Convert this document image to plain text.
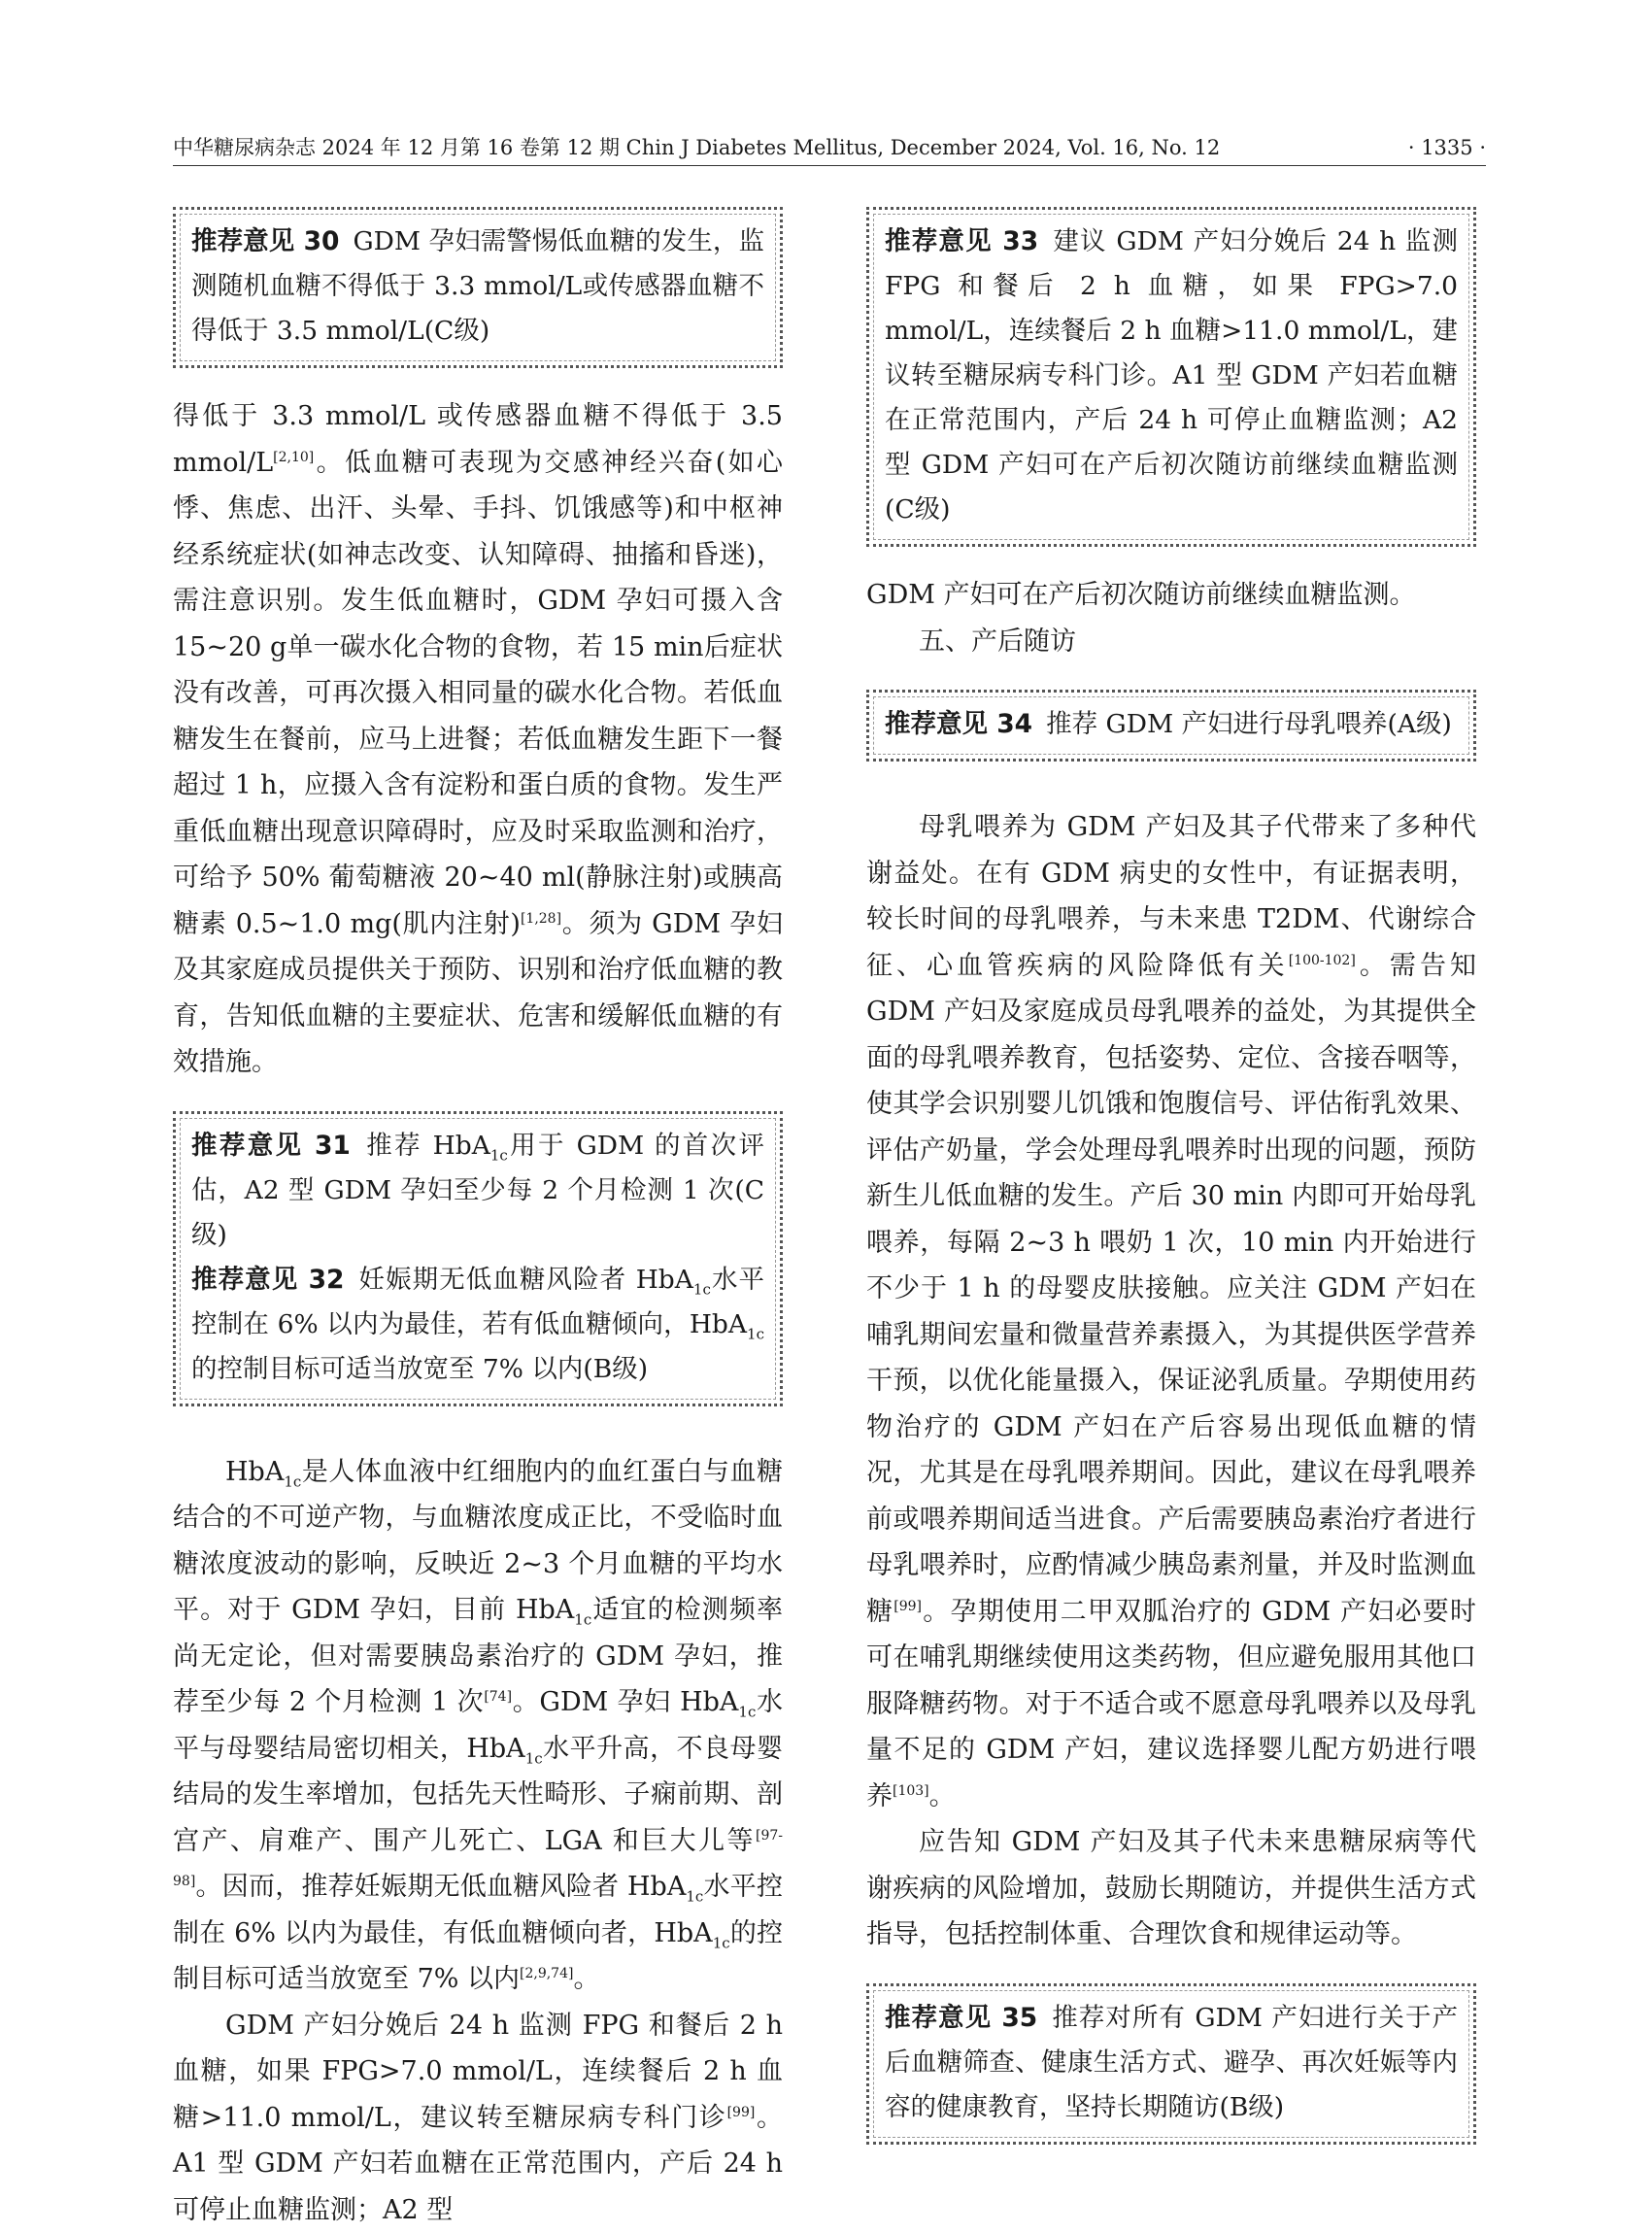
中华糖尿病杂志 2024 年 12 月第 16 卷第 12 期 Chin J Diabetes Mellitus, December 2024, Vol. 16, No. 12	· 1335 ·
推荐意见 30 GDM 孕妇需警惕低血糖的发生，监测随机血糖不得低于 3.3 mmol/L或传感器血糖不得低于 3.5 mmol/L(C级)

得低于 3.3 mmol/L 或传感器血糖不得低于 3.5 mmol/L[2,10]。低血糖可表现为交感神经兴奋(如心悸、焦虑、出汗、头晕、手抖、饥饿感等)和中枢神经系统症状(如神志改变、认知障碍、抽搐和昏迷)，需注意识别。发生低血糖时，GDM 孕妇可摄入含 15~20 g单一碳水化合物的食物，若 15 min后症状没有改善，可再次摄入相同量的碳水化合物。若低血糖发生在餐前，应马上进餐；若低血糖发生距下一餐超过 1 h，应摄入含有淀粉和蛋白质的食物。发生严重低血糖出现意识障碍时，应及时采取监测和治疗，可给予 50% 葡萄糖液 20~40 ml(静脉注射)或胰高糖素 0.5~1.0 mg(肌内注射)[1,28]。须为 GDM 孕妇及其家庭成员提供关于预防、识别和治疗低血糖的教育，告知低血糖的主要症状、危害和缓解低血糖的有效措施。

推荐意见 31 推荐 HbA$_{1c}$用于 GDM 的首次评估，A2 型 GDM 孕妇至少每 2 个月检测 1 次(C级)
推荐意见 32 妊娠期无低血糖风险者 HbA$_{1c}$水平控制在 6% 以内为最佳，若有低血糖倾向，HbA$_{1c}$的控制目标可适当放宽至 7% 以内(B级)

HbA$_{1c}$是人体血液中红细胞内的血红蛋白与血糖结合的不可逆产物，与血糖浓度成正比，不受临时血糖浓度波动的影响，反映近 2~3 个月血糖的平均水平。对于 GDM 孕妇，目前 HbA$_{1c}$适宜的检测频率尚无定论，但对需要胰岛素治疗的 GDM 孕妇，推荐至少每 2 个月检测 1 次[74]。GDM 孕妇 HbA$_{1c}$水平与母婴结局密切相关，HbA$_{1c}$水平升高，不良母婴结局的发生率增加，包括先天性畸形、子痫前期、剖宫产、肩难产、围产儿死亡、LGA 和巨大儿等[97-98]。因而，推荐妊娠期无低血糖风险者 HbA$_{1c}$水平控制在 6% 以内为最佳，有低血糖倾向者，HbA$_{1c}$的控制目标可适当放宽至 7% 以内[2,9,74]。

GDM 产妇分娩后 24 h 监测 FPG 和餐后 2 h 血糖，如果 FPG>7.0 mmol/L，连续餐后 2 h 血糖>11.0 mmol/L，建议转至糖尿病专科门诊[99]。A1 型 GDM 产妇若血糖在正常范围内，产后 24 h 可停止血糖监测；A2 型

推荐意见 33 建议 GDM 产妇分娩后 24 h 监测 FPG 和餐后 2 h 血糖，如果 FPG>7.0 mmol/L，连续餐后 2 h 血糖>11.0 mmol/L，建议转至糖尿病专科门诊。A1 型 GDM 产妇若血糖在正常范围内，产后 24 h 可停止血糖监测；A2 型 GDM 产妇可在产后初次随访前继续血糖监测(C级)

GDM 产妇可在产后初次随访前继续血糖监测。

五、产后随访

推荐意见 34 推荐 GDM 产妇进行母乳喂养(A级)

母乳喂养为 GDM 产妇及其子代带来了多种代谢益处。在有 GDM 病史的女性中，有证据表明，较长时间的母乳喂养，与未来患 T2DM、代谢综合征、心血管疾病的风险降低有关[100-102]。需告知 GDM 产妇及家庭成员母乳喂养的益处，为其提供全面的母乳喂养教育，包括姿势、定位、含接吞咽等，使其学会识别婴儿饥饿和饱腹信号、评估衔乳效果、评估产奶量，学会处理母乳喂养时出现的问题，预防新生儿低血糖的发生。产后 30 min 内即可开始母乳喂养，每隔 2~3 h 喂奶 1 次，10 min 内开始进行不少于 1 h 的母婴皮肤接触。应关注 GDM 产妇在哺乳期间宏量和微量营养素摄入，为其提供医学营养干预，以优化能量摄入，保证泌乳质量。孕期使用药物治疗的 GDM 产妇在产后容易出现低血糖的情况，尤其是在母乳喂养期间。因此，建议在母乳喂养前或喂养期间适当进食。产后需要胰岛素治疗者进行母乳喂养时，应酌情减少胰岛素剂量，并及时监测血糖[99]。孕期使用二甲双胍治疗的 GDM 产妇必要时可在哺乳期继续使用这类药物，但应避免服用其他口服降糖药物。对于不适合或不愿意母乳喂养以及母乳量不足的 GDM 产妇，建议选择婴儿配方奶进行喂养[103]。

应告知 GDM 产妇及其子代未来患糖尿病等代谢疾病的风险增加，鼓励长期随访，并提供生活方式指导，包括控制体重、合理饮食和规律运动等。

推荐意见 35 推荐对所有 GDM 产妇进行关于产后血糖筛查、健康生活方式、避孕、再次妊娠等内容的健康教育，坚持长期随访(B级)
